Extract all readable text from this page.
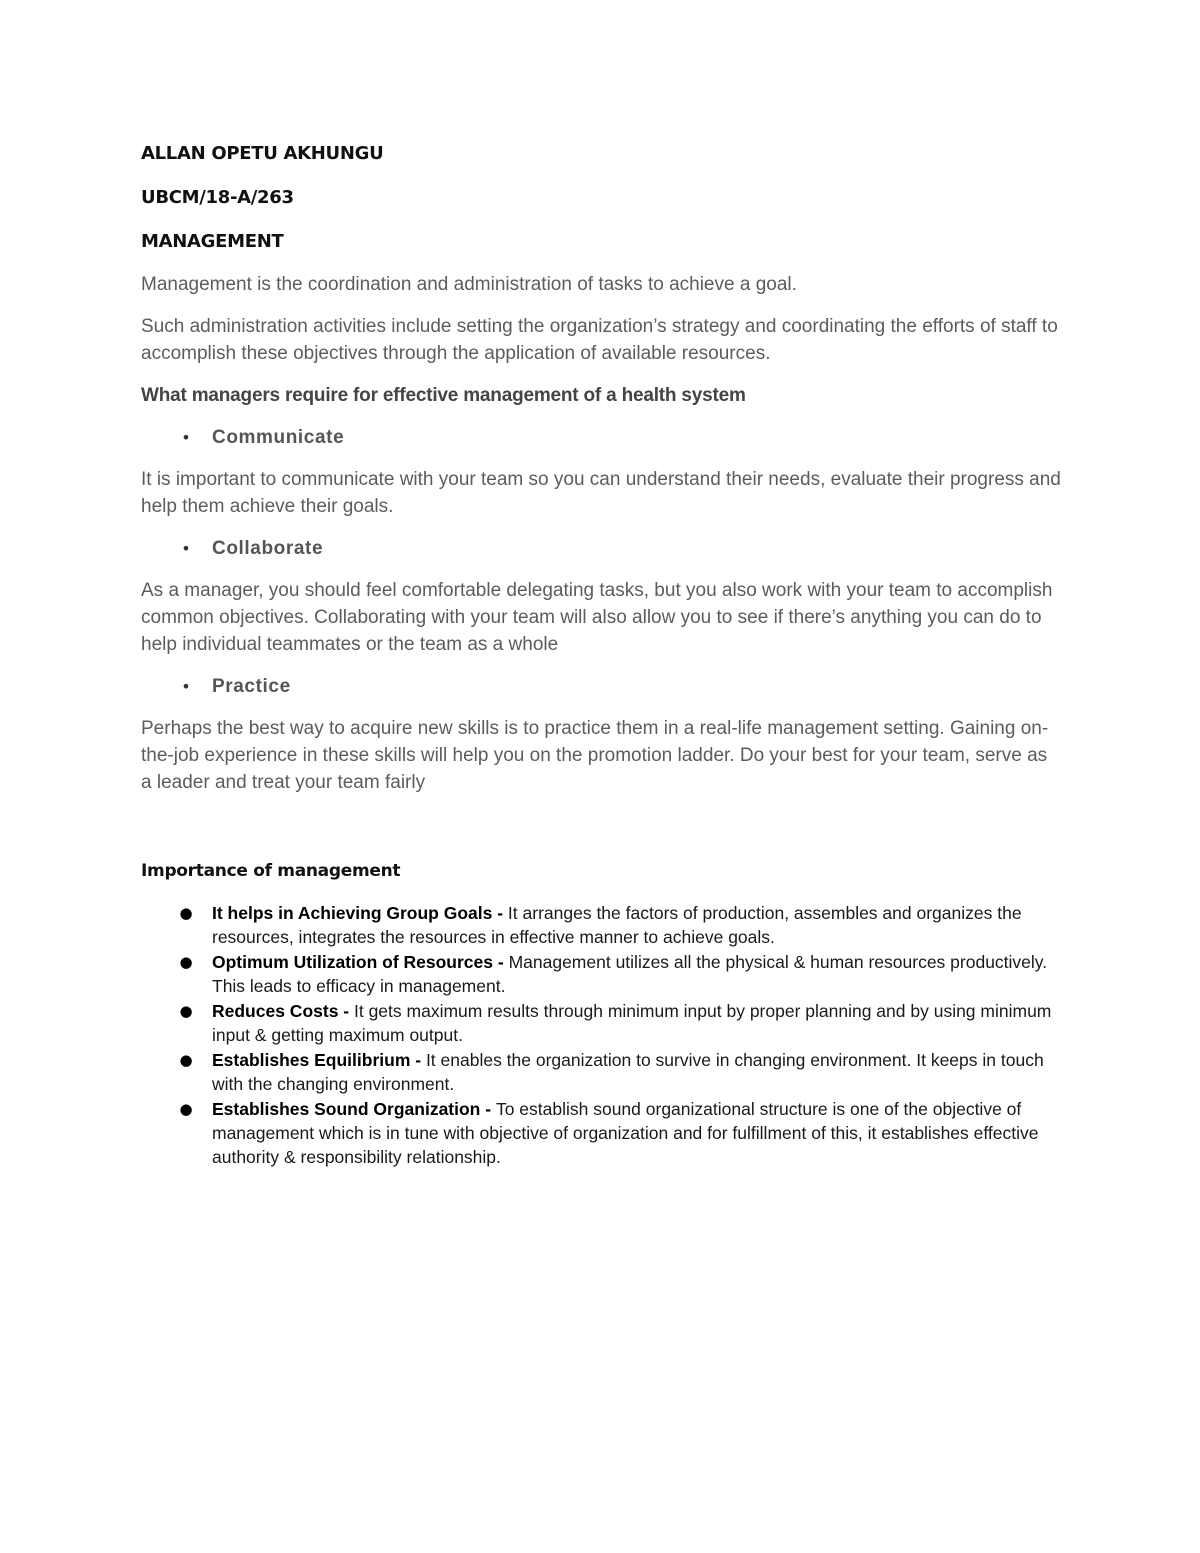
ALLAN OPETU AKHUNGU

UBCM/18-A/263

MANAGEMENT

Management is the coordination and administration of tasks to achieve a goal.

Such administration activities include setting the organization’s strategy and coordinating the efforts of staff to accomplish these objectives through the application of available resources.

What managers require for effective management of a health system

• Communicate

It is important to communicate with your team so you can understand their needs, evaluate their progress and help them achieve their goals.

• Collaborate

As a manager, you should feel comfortable delegating tasks, but you also work with your team to accomplish common objectives. Collaborating with your team will also allow you to see if there’s anything you can do to help individual teammates or the team as a whole

• Practice

Perhaps the best way to acquire new skills is to practice them in a real-life management setting. Gaining on-the-job experience in these skills will help you on the promotion ladder. Do your best for your team, serve as a leader and treat your team fairly

Importance of management

● It helps in Achieving Group Goals - It arranges the factors of production, assembles and organizes the resources, integrates the resources in effective manner to achieve goals.
● Optimum Utilization of Resources - Management utilizes all the physical & human resources productively. This leads to efficacy in management.
● Reduces Costs - It gets maximum results through minimum input by proper planning and by using minimum input & getting maximum output.
● Establishes Equilibrium - It enables the organization to survive in changing environment. It keeps in touch with the changing environment.
● Establishes Sound Organization - To establish sound organizational structure is one of the objective of management which is in tune with objective of organization and for fulfillment of this, it establishes effective authority & responsibility relationship.
